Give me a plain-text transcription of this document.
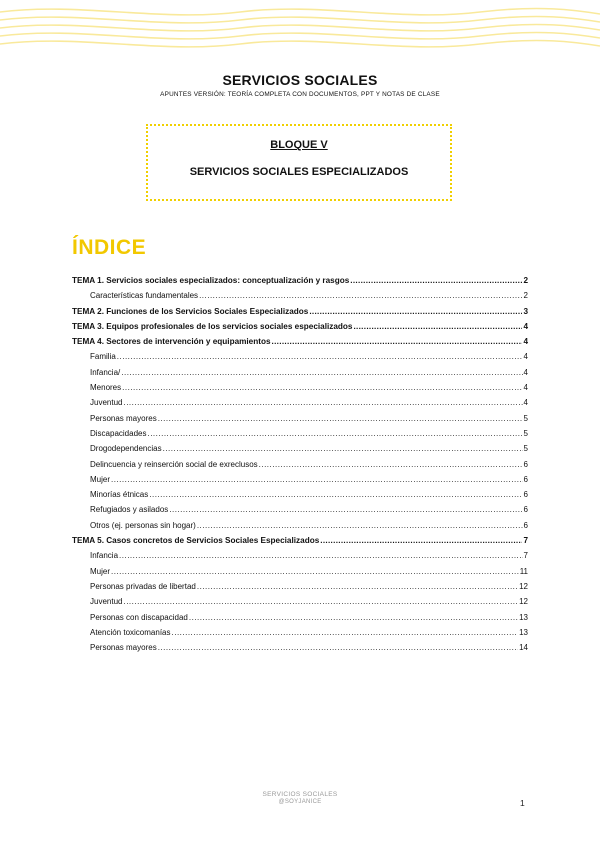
SERVICIOS SOCIALES
APUNTES VERSIÓN: TEORÍA COMPLETA CON DOCUMENTOS, PPT Y NOTAS DE CLASE
BLOQUE V
SERVICIOS SOCIALES ESPECIALIZADOS
ÍNDICE
TEMA 1. Servicios sociales especializados: conceptualización y rasgos .....	2
Características fundamentales .....	2
TEMA 2. Funciones de los Servicios Sociales Especializados .....	3
TEMA 3. Equipos profesionales de los servicios sociales especializados .....	4
TEMA 4. Sectores de intervención y equipamientos .....	4
Familia .....	4
Infancia/ .....	4
Menores .....	4
Juventud .....	4
Personas mayores .....	5
Discapacidades .....	5
Drogodependencias .....	5
Delincuencia y reinserción social de exreclusos .....	6
Mujer .....	6
Minorías étnicas .....	6
Refugiados y asilados .....	6
Otros (ej. personas sin hogar) .....	6
TEMA 5. Casos concretos de Servicios Sociales Especializados .....	7
Infancia .....	7
Mujer .....	11
Personas privadas de libertad .....	12
Juventud .....	12
Personas con discapacidad .....	13
Atención toxicomanías .....	13
Personas mayores .....	14
SERVICIOS SOCIALES
@SOYJANICE	1
